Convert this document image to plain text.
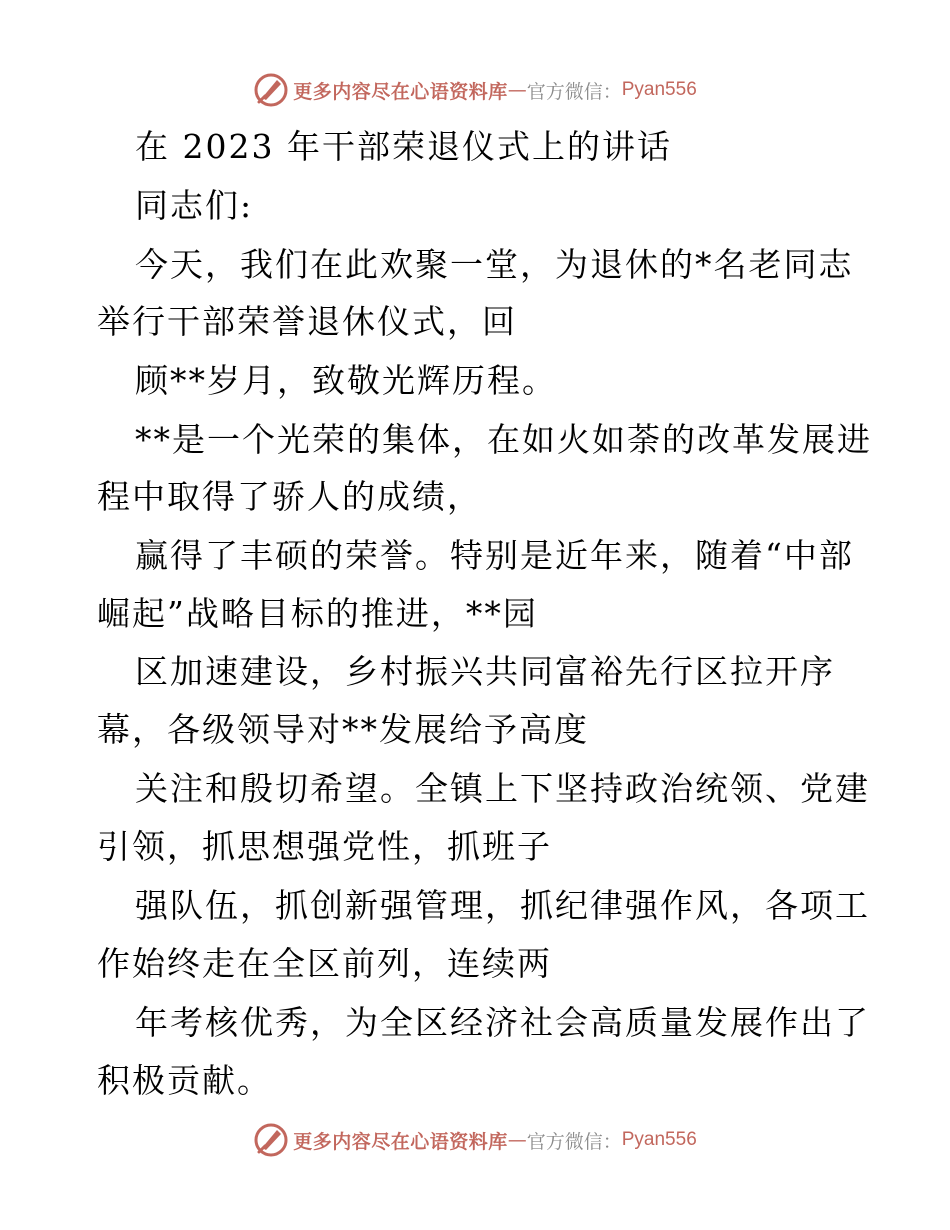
更多内容尽在心语资料库 — 官方微信： Pyan556
在 2023 年干部荣退仪式上的讲话
同志们:
今天，我们在此欢聚一堂，为退休的*名老同志
举行干部荣誉退休仪式，回
顾**岁月，致敬光辉历程。
**是一个光荣的集体，在如火如荼的改革发展进
程中取得了骄人的成绩，
赢得了丰硕的荣誉。特别是近年来，随着“中部
崛起”战略目标的推进，**园
区加速建设，乡村振兴共同富裕先行区拉开序
幕，各级领导对**发展给予高度
关注和殷切希望。全镇上下坚持政治统领、党建
引领，抓思想强党性，抓班子
强队伍，抓创新强管理，抓纪律强作风，各项工
作始终走在全区前列，连续两
年考核优秀，为全区经济社会高质量发展作出了
积极贡献。
更多内容尽在心语资料库 — 官方微信： Pyan556
